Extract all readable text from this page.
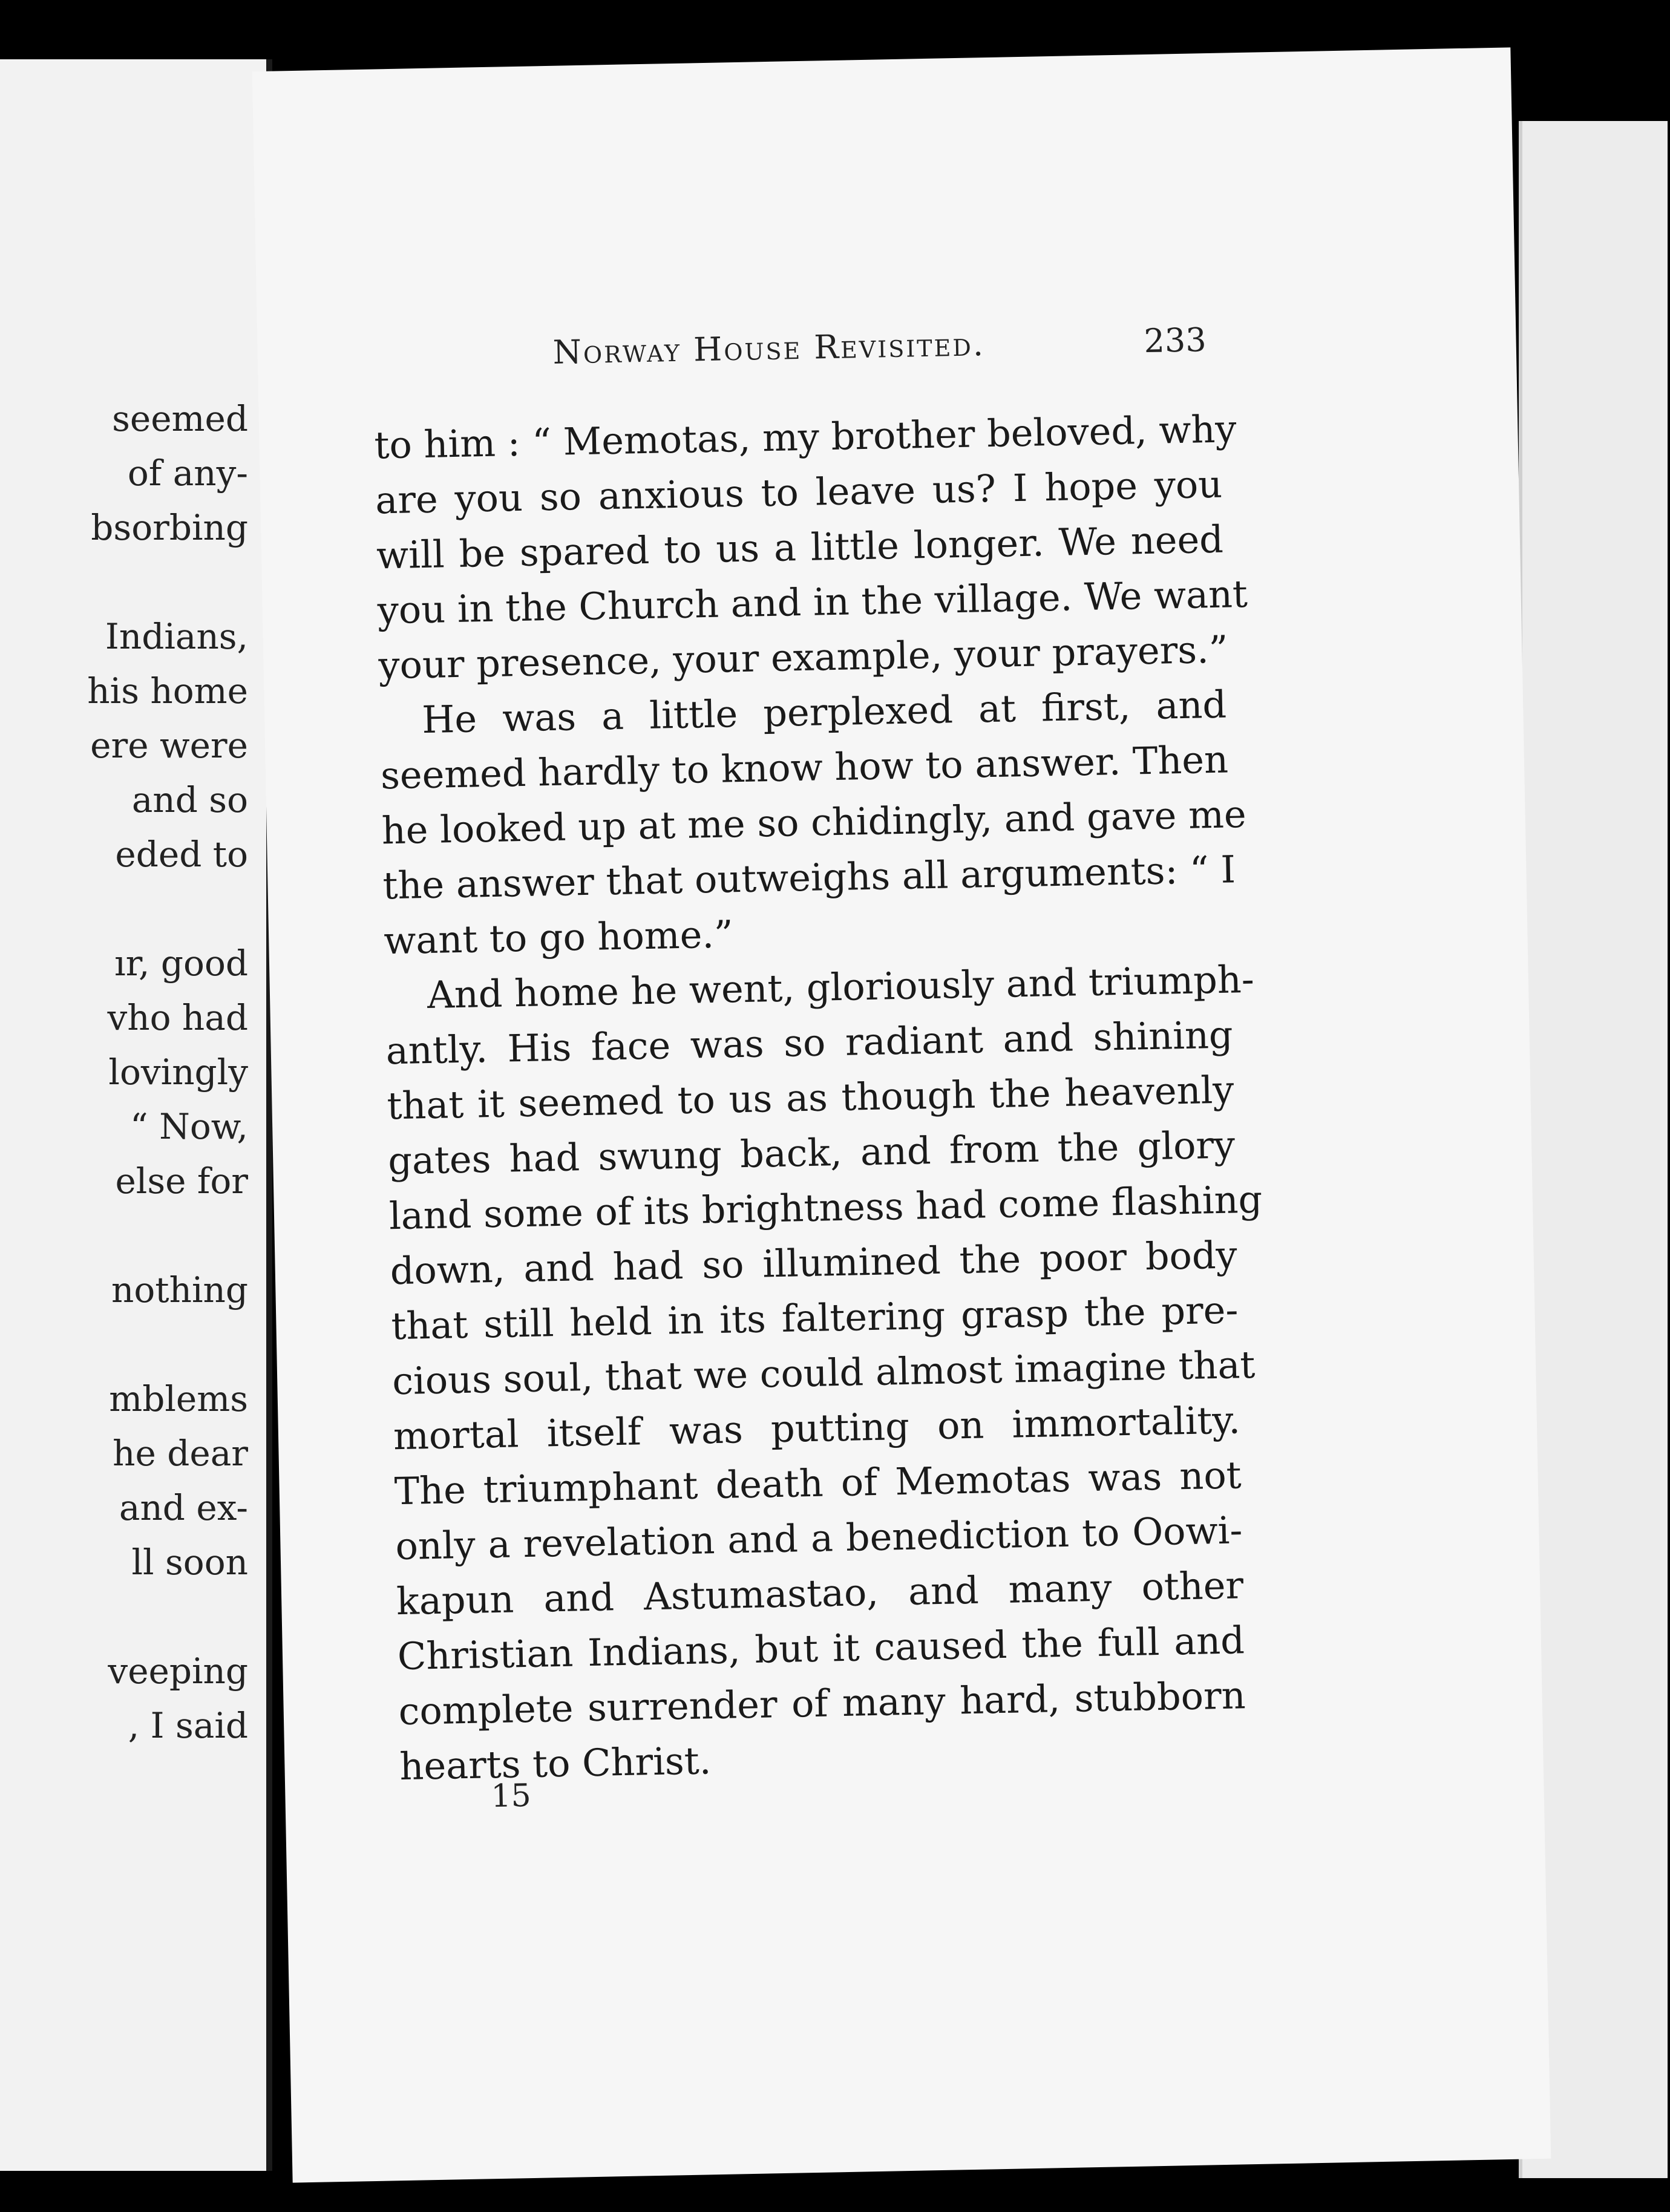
seemed
of any-
bsorbing
Indians,
his home
ere were
and so
eded to
ır, good
vho had
lovingly
“ Now,
else for
nothing
mblems
he dear
and ex-
ll soon
veeping
, I said
Norway House Revisited.	233
to him : “ Memotas, my brother beloved, why
are you so anxious to leave us? I hope you
will be spared to us a little longer. We need
you in the Church and in the village. We want
your presence, your example, your prayers.”
He was a little perplexed at first, and
seemed hardly to know how to answer. Then
he looked up at me so chidingly, and gave me
the answer that outweighs all arguments: “ I
want to go home.”
And home he went, gloriously and triumph-
antly. His face was so radiant and shining
that it seemed to us as though the heavenly
gates had swung back, and from the glory
land some of its brightness had come flashing
down, and had so illumined the poor body
that still held in its faltering grasp the pre-
cious soul, that we could almost imagine that
mortal itself was putting on immortality.
The triumphant death of Memotas was not
only a revelation and a benediction to Oowi-
kapun and Astumastao, and many other
Christian Indians, but it caused the full and
complete surrender of many hard, stubborn
hearts to Christ.
15
